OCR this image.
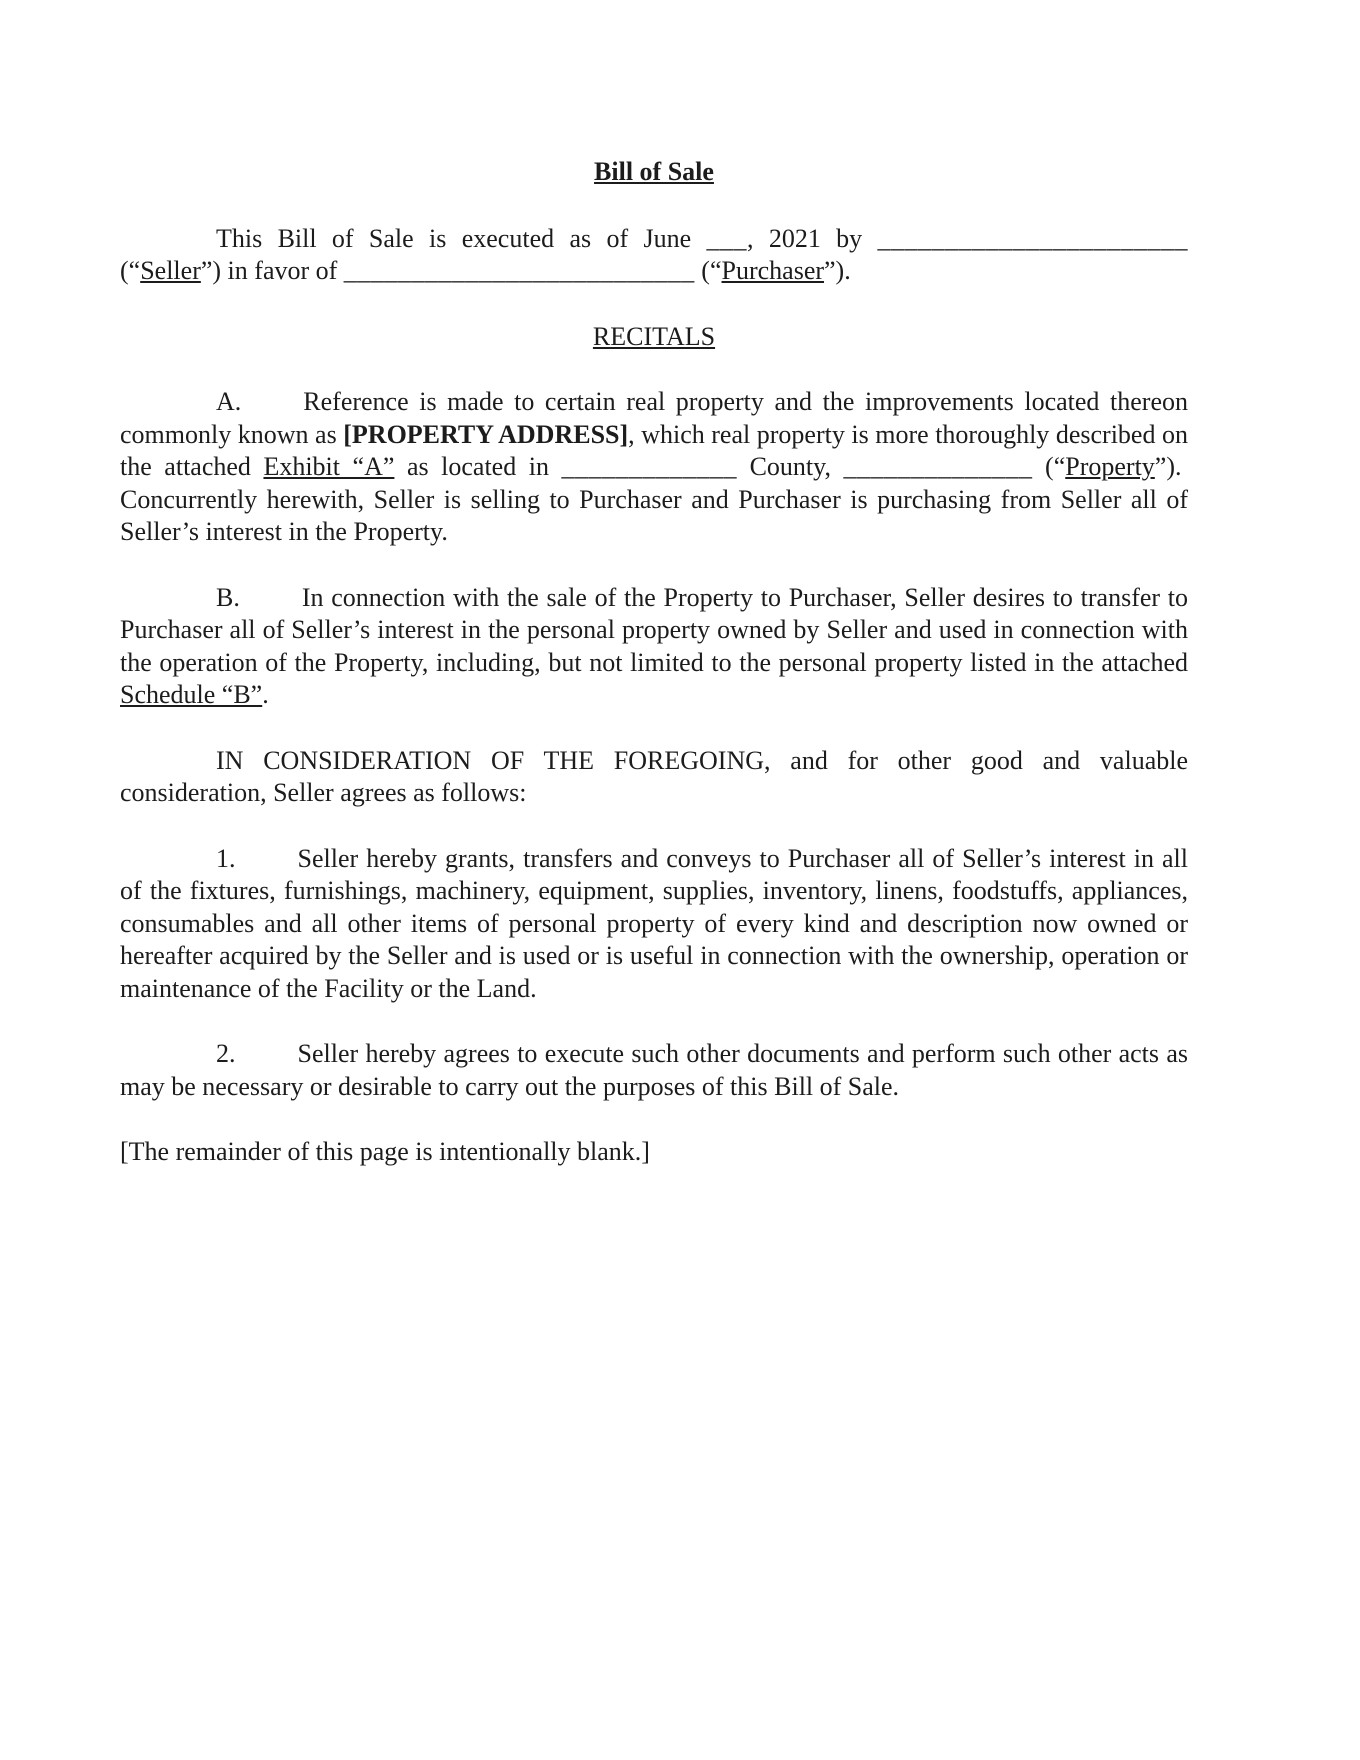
Bill of Sale

This Bill of Sale is executed as of June ___, 2021 by _______________________ (“Seller”) in favor of __________________________ (“Purchaser”).

RECITALS

A. Reference is made to certain real property and the improvements located thereon commonly known as [PROPERTY ADDRESS], which real property is more thoroughly described on the attached Exhibit “A” as located in _____________ County, ______________ (“Property”).  Concurrently herewith, Seller is selling to Purchaser and Purchaser is purchasing from Seller all of Seller’s interest in the Property.

B. In connection with the sale of the Property to Purchaser, Seller desires to transfer to Purchaser all of Seller’s interest in the personal property owned by Seller and used in connection with the operation of the Property, including, but not limited to the personal property listed in the attached Schedule “B”.

IN CONSIDERATION OF THE FOREGOING, and for other good and valuable consideration, Seller agrees as follows:

1. Seller hereby grants, transfers and conveys to Purchaser all of Seller’s interest in all of the fixtures, furnishings, machinery, equipment, supplies, inventory, linens, foodstuffs, appliances, consumables and all other items of personal property of every kind and description now owned or hereafter acquired by the Seller and is used or is useful in connection with the ownership, operation or maintenance of the Facility or the Land.

2. Seller hereby agrees to execute such other documents and perform such other acts as may be necessary or desirable to carry out the purposes of this Bill of Sale.

[The remainder of this page is intentionally blank.]
